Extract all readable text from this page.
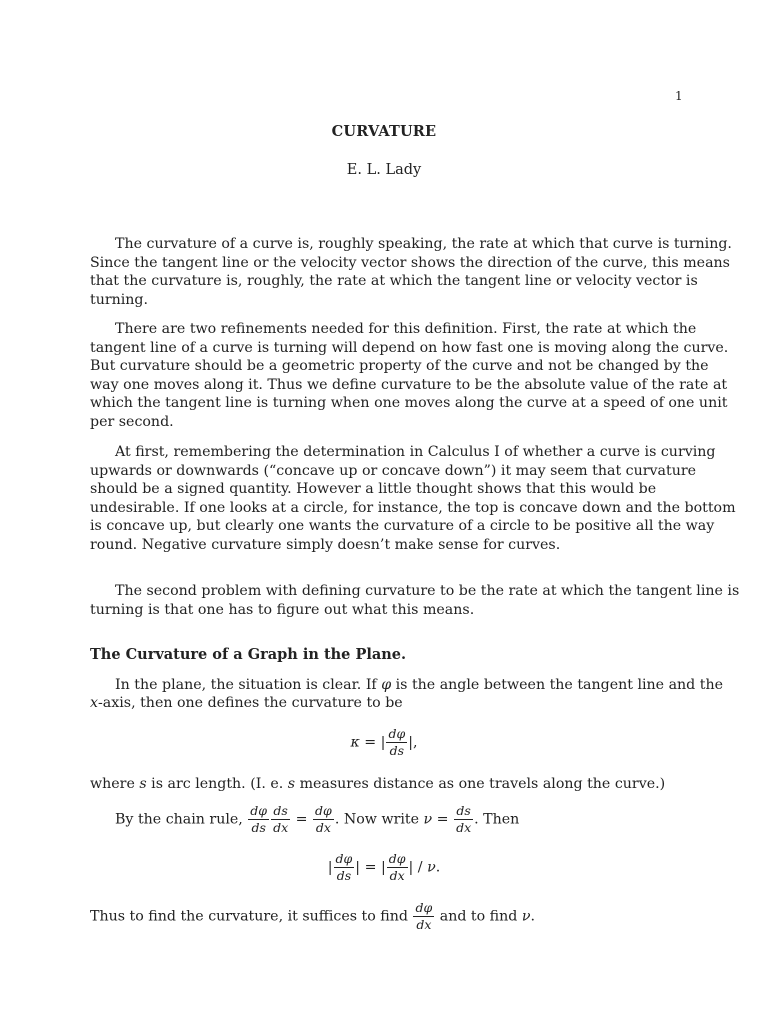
1
CURVATURE
E. L. Lady

The curvature of a curve is, roughly speaking, the rate at which that curve is turning.
Since the tangent line or the velocity vector shows the direction of the curve, this means
that the curvature is, roughly, the rate at which the tangent line or velocity vector is
turning.

There are two refinements needed for this definition. First, the rate at which the
tangent line of a curve is turning will depend on how fast one is moving along the curve.
But curvature should be a geometric property of the curve and not be changed by the
way one moves along it. Thus we define curvature to be the absolute value of the rate at
which the tangent line is turning when one moves along the curve at a speed of one unit
per second.

At first, remembering the determination in Calculus I of whether a curve is curving
upwards or downwards (“concave up or concave down”) it may seem that curvature
should be a signed quantity. However a little thought shows that this would be
undesirable. If one looks at a circle, for instance, the top is concave down and the bottom
is concave up, but clearly one wants the curvature of a circle to be positive all the way
round. Negative curvature simply doesn’t make sense for curves.

The second problem with defining curvature to be the rate at which the tangent line is
turning is that one has to figure out what this means.

The Curvature of a Graph in the Plane.
In the plane, the situation is clear. If φ is the angle between the tangent line and the
x-axis, then one defines the curvature to be
κ = | $\frac{d\varphi}{ds}$ |,
where s is arc length. (I. e. s measures distance as one travels along the curve.)
By the chain rule, $\frac{d\varphi}{ds} \frac{ds}{dx} = \frac{d\varphi}{dx}$ . Now write $\nu = \frac{ds}{dx}$ . Then
| $\frac{d\varphi}{ds}$ | = | $\frac{d\varphi}{dx}$ | / ν.
Thus to find the curvature, it suffices to find $\frac{d\varphi}{dx}$ and to find ν.
